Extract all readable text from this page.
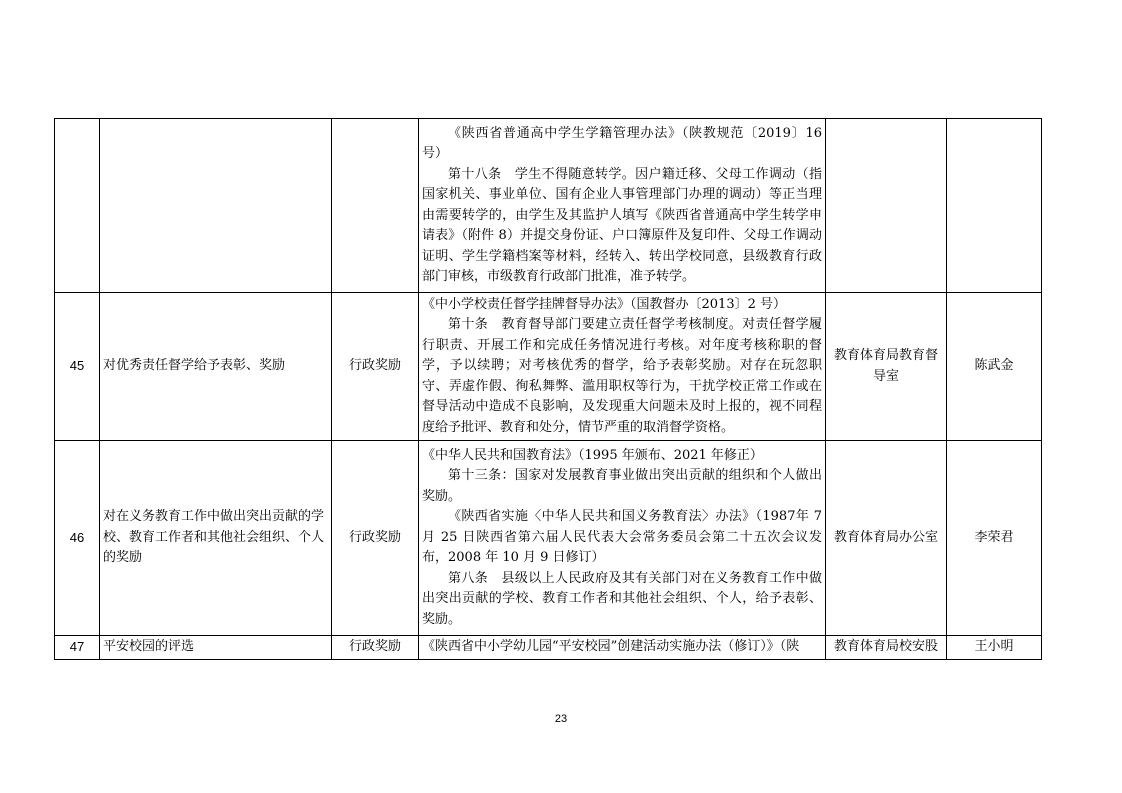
			《陕西省普通高中学生学籍管理办法》（陕教规范〔2019〕16号）

第十八条　学生不得随意转学。因户籍迁移、父母工作调动（指国家机关、事业单位、国有企业人事管理部门办理的调动）等正当理由需要转学的，由学生及其监护人填写《陕西省普通高中学生转学申请表》（附件 8）并提交身份证、户口簿原件及复印件、父母工作调动证明、学生学籍档案等材料，经转入、转出学校同意，县级教育行政部门审核，市级教育行政部门批准，准予转学。		

45	对优秀责任督学给予表彰、奖励	行政奖励	《中小学校责任督学挂牌督导办法》（国教督办〔2013〕2 号）

第十条　教育督导部门要建立责任督学考核制度。对责任督学履行职责、开展工作和完成任务情况进行考核。对年度考核称职的督学，予以续聘；对考核优秀的督学，给予表彰奖励。对存在玩忽职守、弄虚作假、徇私舞弊、滥用职权等行为，干扰学校正常工作或在督导活动中造成不良影响，及发现重大问题未及时上报的，视不同程度给予批评、教育和处分，情节严重的取消督学资格。	教育体育局教育督导室	陈武金
46	对在义务教育工作中做出突出贡献的学校、教育工作者和其他社会组织、个人的奖励	行政奖励	《中华人民共和国教育法》（1995 年颁布、2021 年修正）

第十三条：国家对发展教育事业做出突出贡献的组织和个人做出奖励。

《陕西省实施〈中华人民共和国义务教育法〉办法》（1987年 7 月 25 日陕西省第六届人民代表大会常务委员会第二十五次会议发布，2008 年 10 月 9 日修订）

第八条　县级以上人民政府及其有关部门对在义务教育工作中做出突出贡献的学校、教育工作者和其他社会组织、个人，给予表彰、奖励。	教育体育局办公室	李荣君
47	平安校园的评选	行政奖励	《陕西省中小学幼儿园“平安校园”创建活动实施办法（修订）》（陕	教育体育局校安股	王小明
23
